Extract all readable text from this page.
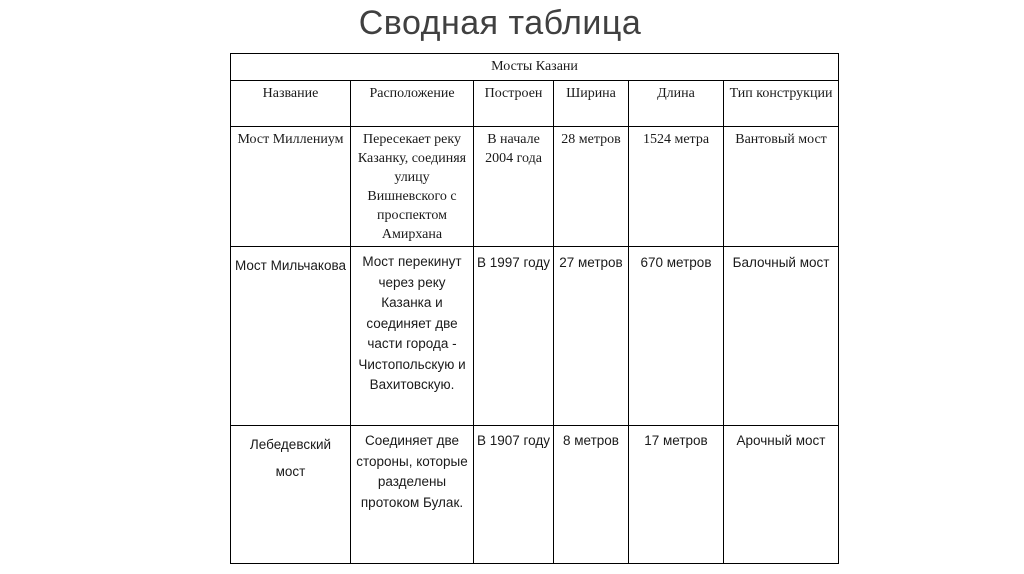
Сводная таблица
Мосты Казани					
Название	Расположение	Построен	Ширина	Длина	Тип конструкции
Мост Миллениум	Пересекает реку Казанку, соединяя улицу Вишневского с проспектом Амирхана	В начале 2004 года	28 метров	1524 метра	Вантовый мост
Мост Мильчакова	Мост перекинут через реку Казанка и соединяет две части города - Чистопольскую и Вахитовскую.	В 1997 году	27 метров	670 метров	Балочный мост
Лебедевский мост	Соединяет две стороны, которые разделены протоком Булак.	В 1907 году	8 метров	17 метров	Арочный мост
